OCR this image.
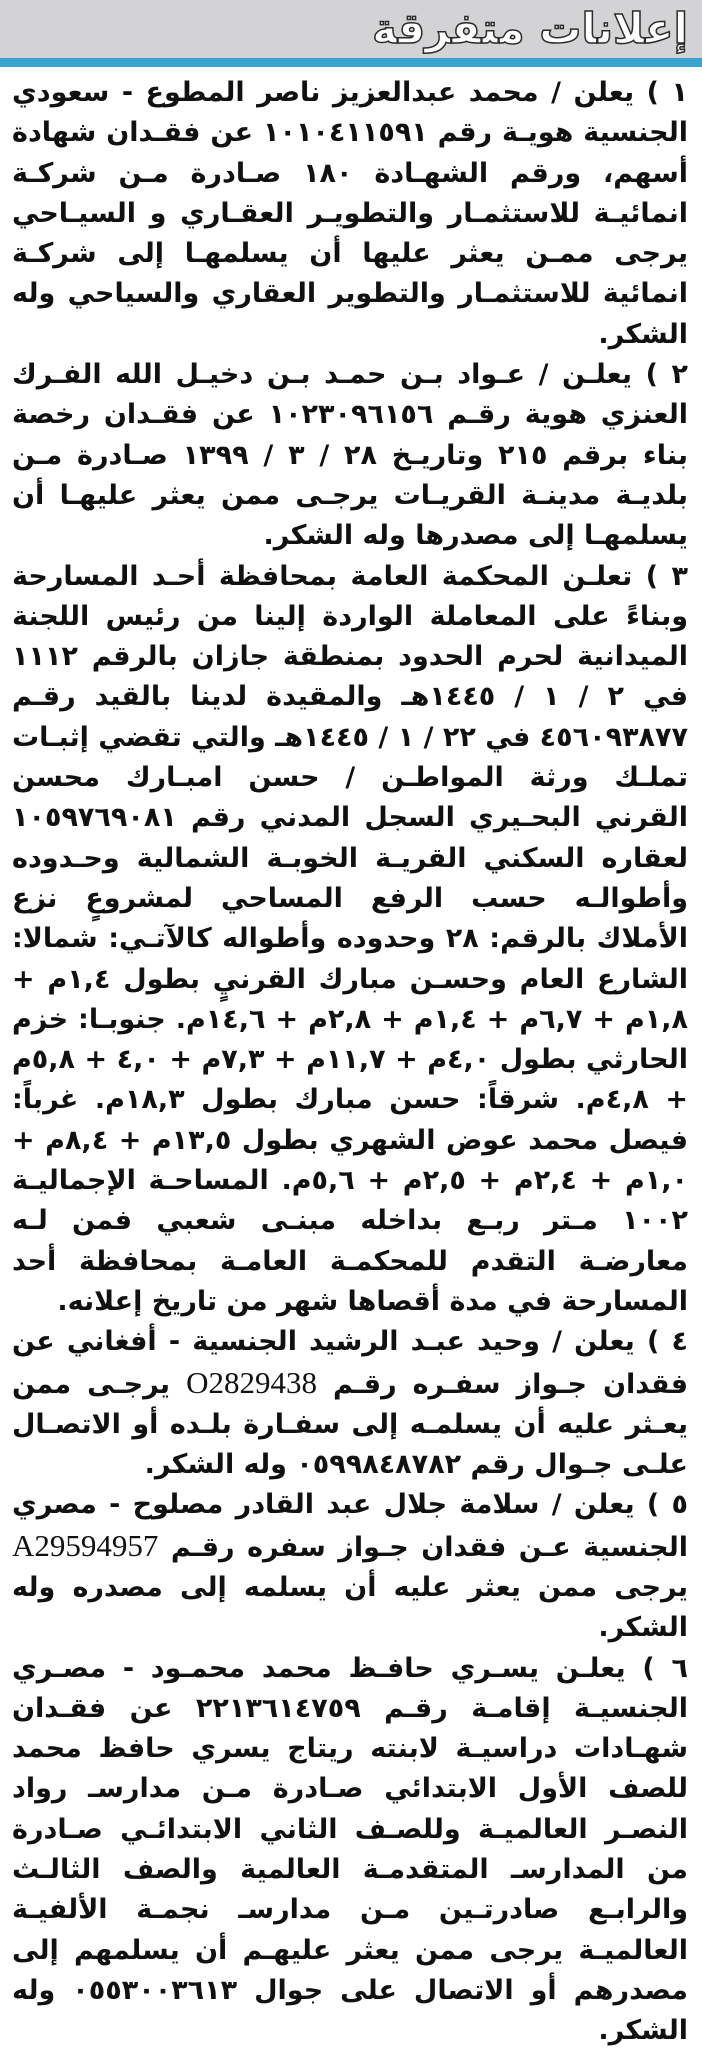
إعلانات متفرقة

١ ) يعلن / محمد عبدالعزيز ناصر المطوع - سعودي الجنسية هويـة رقم ١٠١٠٤١١٥٩١ عن فقـدان شهادة أسهم، ورقم الشهـادة ١٨٠ صـادرة مـن شركـة انمائيـة للاستثمـار والتطويـر العقـاري و السيـاحي يرجى ممـن يعثر عليها أن يسلمهـا إلى شركـة انمائية للاستثمـار والتطوير العقاري والسياحي وله الشكر.

٢ ) يعلـن / عـواد بـن حمـد بـن دخيـل الله الفـرك العنزي هوية رقـم ١٠٢٣٠٩٦١٥٦ عن فقـدان رخصة بناء برقم ٢١٥ وتاريـخ ٢٨ / ٣ / ١٣٩٩ صـادرة مـن بلديـة مدينـة القريـات يرجـى ممن يعثر عليهـا أن يسلمهـا إلى مصدرها وله الشكر.

٣ ) تعلـن المحكمة العامة بمحافظة أحـد المسارحة وبناءً على المعاملة الواردة إلينا من رئيس اللجنة الميدانية لحرم الحدود بمنطقة جازان بالرقم ١١١٢ في ٢ / ١ / ١٤٤٥هـ والمقيدة لدينا بالقيد رقـم ٤٥٦٠٩٣٨٧٧ في ٢٢ / ١ / ١٤٤٥هـ والتي تقضي إثبـات تملـك ورثة المواطـن / حسن امبـارك محسن القرني البحـيري السجل المدني رقم ١٠٥٩٧٦٩٠٨١ لعقاره السكني القريـة الخوبـة الشمالية وحـدوده وأطوالـه حسب الرفع المساحي لمشروعٍ نزع الأملاك بالرقم: ٢٨ وحدوده وأطواله كالآتـي: شمالا: الشارع العام وحسـن مبارك القرنيٍ بطول ١,٤م + ١,٨م + ٦,٧م + ١,٤م + ٢,٨م + ١٤,٦م. جنوبـا: خزم الحارثي بطول ٤,٠م + ١١,٧م + ٧,٣م + ٤,٠ + ٥,٨م + ٤,٨م. شرقاً: حسن مبارك بطول ١٨,٣م. غرباً: فيصل محمد عوض الشهري بطول ١٣,٥م + ٨,٤م + ١,٠م + ٢,٤م + ٢,٥م + ٥,٦م. المساحـة الإجماليـة ١٠٠٢ مـتر ربـع بداخله مبنـى شعبي فمن لـه معارضـة التقدم للمحكمـة العامـة بمحافظة أحد المسارحة في مدة أقصاها شهر من تاريخ إعلانه.

٤ ) يعلن / وحيد عبـد الرشيد الجنسية - أفغاني عن فقدان جـواز سفـره رقـم O2829438 يرجـى ممن يعـثر عليه أن يسلمـه إلى سفـارة بلـده أو الاتصـال علـى جـوال رقم ٠٥٩٩٨٤٨٧٨٢ وله الشكر.

٥ ) يعلن / سلامة جلال عبد القادر مصلوح - مصري الجنسية عـن فقدان جـواز سفره رقـم A29594957 يرجى ممن يعثر عليه أن يسلمه إلى مصدره وله الشكر.

٦ ) يعلـن يسـري حافـظ محمد محمـود - مصـري الجنسيـة إقامـة رقـم ٢٢١٣٦١٤٧٥٩ عن فقـدان شهـادات دراسيـة لابنته ريتاج يسري حافظ محمد للصف الأول الابتدائي صـادرة مـن مدارسـ رواد النصـر العالميـة وللصـف الثاني الابتدائـي صـادرة من المدارسـ المتقدمـة العالمية والصف الثالـث والرابـع صادرتـين مـن مدارسـ نجمـة الألفيـة العالميـة يرجى ممن يعثر عليهـم أن يسلمهم إلى مصدرهم أو الاتصال على جوال ٠٥٥٣٠٠٣٦١٣ وله الشكر.
